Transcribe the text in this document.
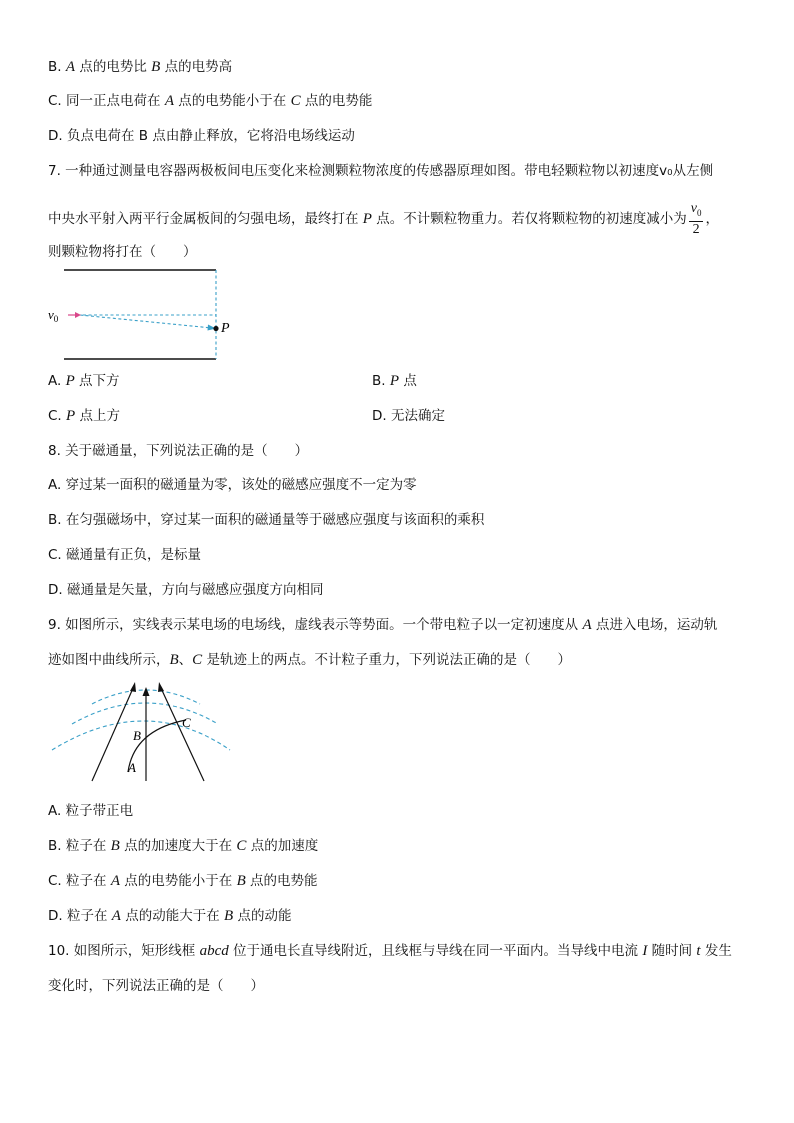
B. A 点的电势比 B 点的电势高
C. 同一正点电荷在 A 点的电势能小于在 C 点的电势能
D. 负点电荷在 B 点由静止释放，它将沿电场线运动
7. 一种通过测量电容器两极板间电压变化来检测颗粒物浓度的传感器原理如图。带电轻颗粒物以初速度v₀从左侧
中央水平射入两平行金属板间的匀强电场，最终打在 P 点。不计颗粒物重力。若仅将颗粒物的初速度减小为 $\frac{v_0}{2}$ ，
则颗粒物将打在（　　）
$v_0$
P
A. P 点下方	B. P 点
C. P 点上方	D. 无法确定
8. 关于磁通量，下列说法正确的是（　　）
A. 穿过某一面积的磁通量为零，该处的磁感应强度不一定为零
B. 在匀强磁场中，穿过某一面积的磁通量等于磁感应强度与该面积的乘积
C. 磁通量有正负，是标量
D. 磁通量是矢量，方向与磁感应强度方向相同
9. 如图所示，实线表示某电场的电场线，虚线表示等势面。一个带电粒子以一定初速度从 A 点进入电场，运动轨
迹如图中曲线所示，B、C 是轨迹上的两点。不计粒子重力，下列说法正确的是（　　）
A
B
C
A. 粒子带正电
B. 粒子在 B 点的加速度大于在 C 点的加速度
C. 粒子在 A 点的电势能小于在 B 点的电势能
D. 粒子在 A 点的动能大于在 B 点的动能
10. 如图所示，矩形线框 abcd 位于通电长直导线附近，且线框与导线在同一平面内。当导线中电流 I 随时间 t 发生
变化时，下列说法正确的是（　　）
